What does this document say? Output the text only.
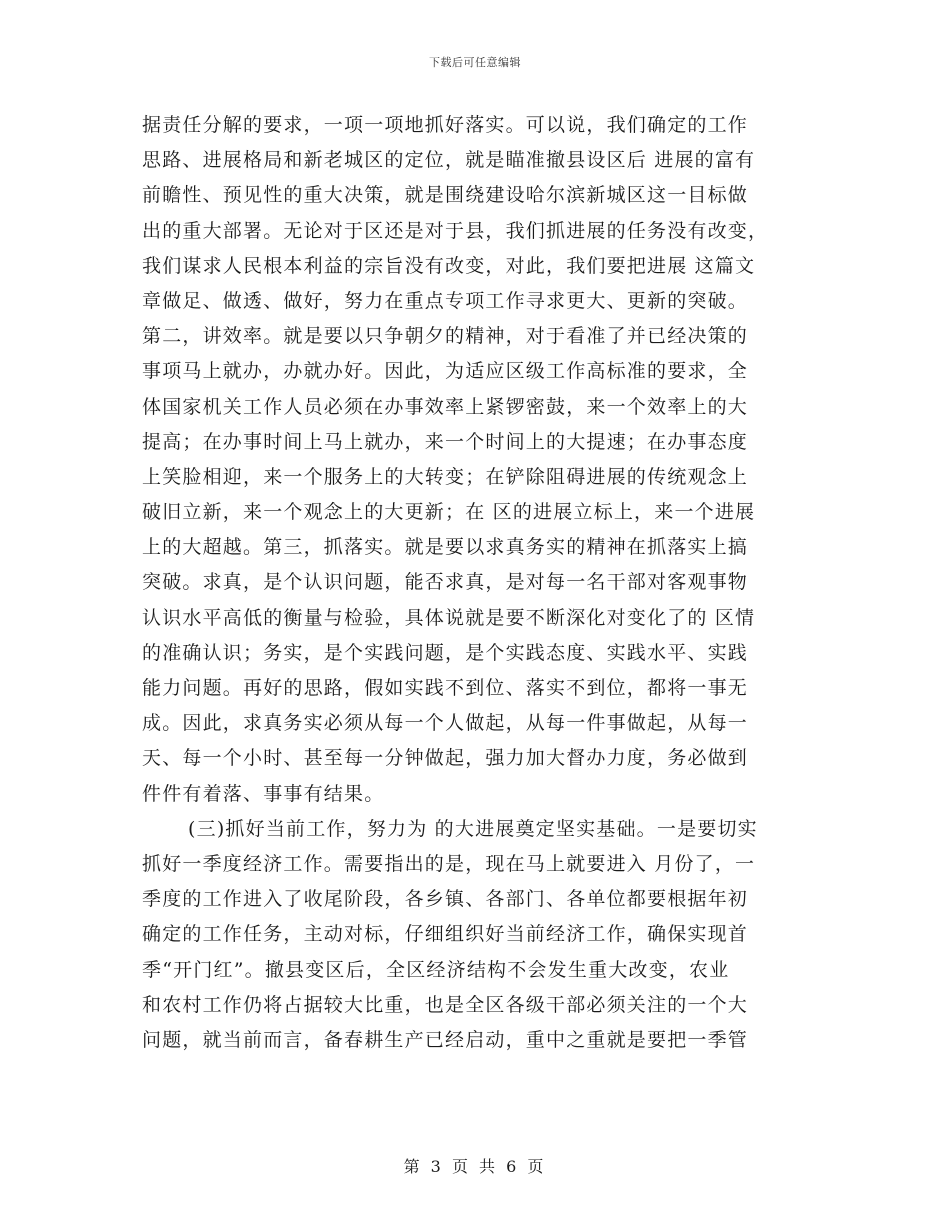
下载后可任意编辑
据责任分解的要求，一项一项地抓好落实。可以说，我们确定的工作
思路、进展格局和新老城区的定位，就是瞄准撤县设区后 进展的富有
前瞻性、预见性的重大决策，就是围绕建设哈尔滨新城区这一目标做
出的重大部署。无论对于区还是对于县，我们抓进展的任务没有改变，
我们谋求人民根本利益的宗旨没有改变，对此，我们要把进展 这篇文
章做足、做透、做好，努力在重点专项工作寻求更大、更新的突破。
第二，讲效率。就是要以只争朝夕的精神，对于看准了并已经决策的
事项马上就办，办就办好。因此，为适应区级工作高标准的要求，全
体国家机关工作人员必须在办事效率上紧锣密鼓，来一个效率上的大
提高；在办事时间上马上就办，来一个时间上的大提速；在办事态度
上笑脸相迎，来一个服务上的大转变；在铲除阻碍进展的传统观念上
破旧立新，来一个观念上的大更新；在 区的进展立标上，来一个进展
上的大超越。第三，抓落实。就是要以求真务实的精神在抓落实上搞
突破。求真，是个认识问题，能否求真，是对每一名干部对客观事物
认识水平高低的衡量与检验，具体说就是要不断深化对变化了的 区情
的准确认识；务实，是个实践问题，是个实践态度、实践水平、实践
能力问题。再好的思路，假如实践不到位、落实不到位，都将一事无
成。因此，求真务实必须从每一个人做起，从每一件事做起，从每一
天、每一个小时、甚至每一分钟做起，强力加大督办力度，务必做到
件件有着落、事事有结果。
(三)抓好当前工作，努力为 的大进展奠定坚实基础。一是要切实
抓好一季度经济工作。需要指出的是，现在马上就要进入 月份了，一
季度的工作进入了收尾阶段，各乡镇、各部门、各单位都要根据年初
确定的工作任务，主动对标，仔细组织好当前经济工作，确保实现首
季“开门红”。撤县变区后，全区经济结构不会发生重大改变，农业
和农村工作仍将占据较大比重，也是全区各级干部必须关注的一个大
问题，就当前而言，备春耕生产已经启动，重中之重就是要把一季管
第 3 页 共 6 页
